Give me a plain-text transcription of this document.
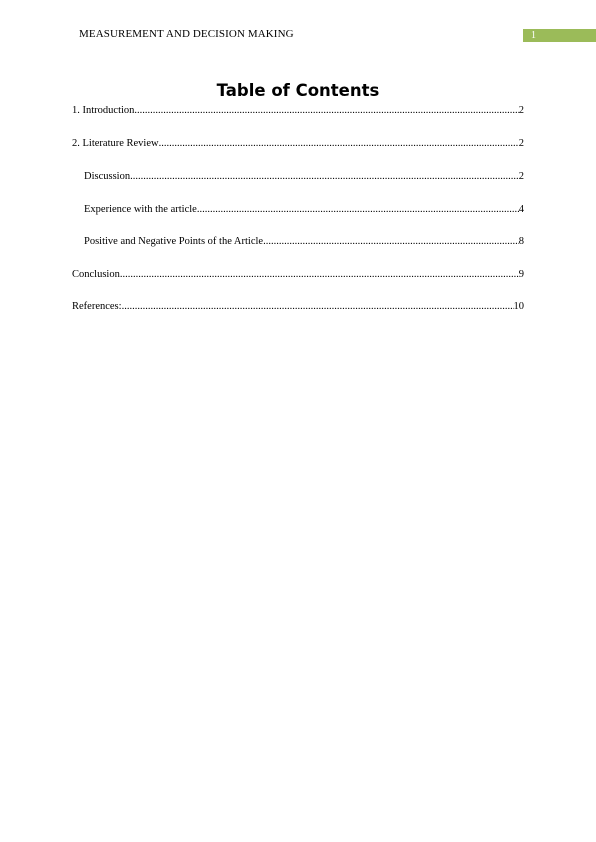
MEASUREMENT AND DECISION MAKING	1
Table of Contents
1. Introduction .....	2
2. Literature Review .....	2
Discussion .....	2
Experience with the article .....	4
Positive and Negative Points of the Article .....	8
Conclusion .....	9
References: .....	10
